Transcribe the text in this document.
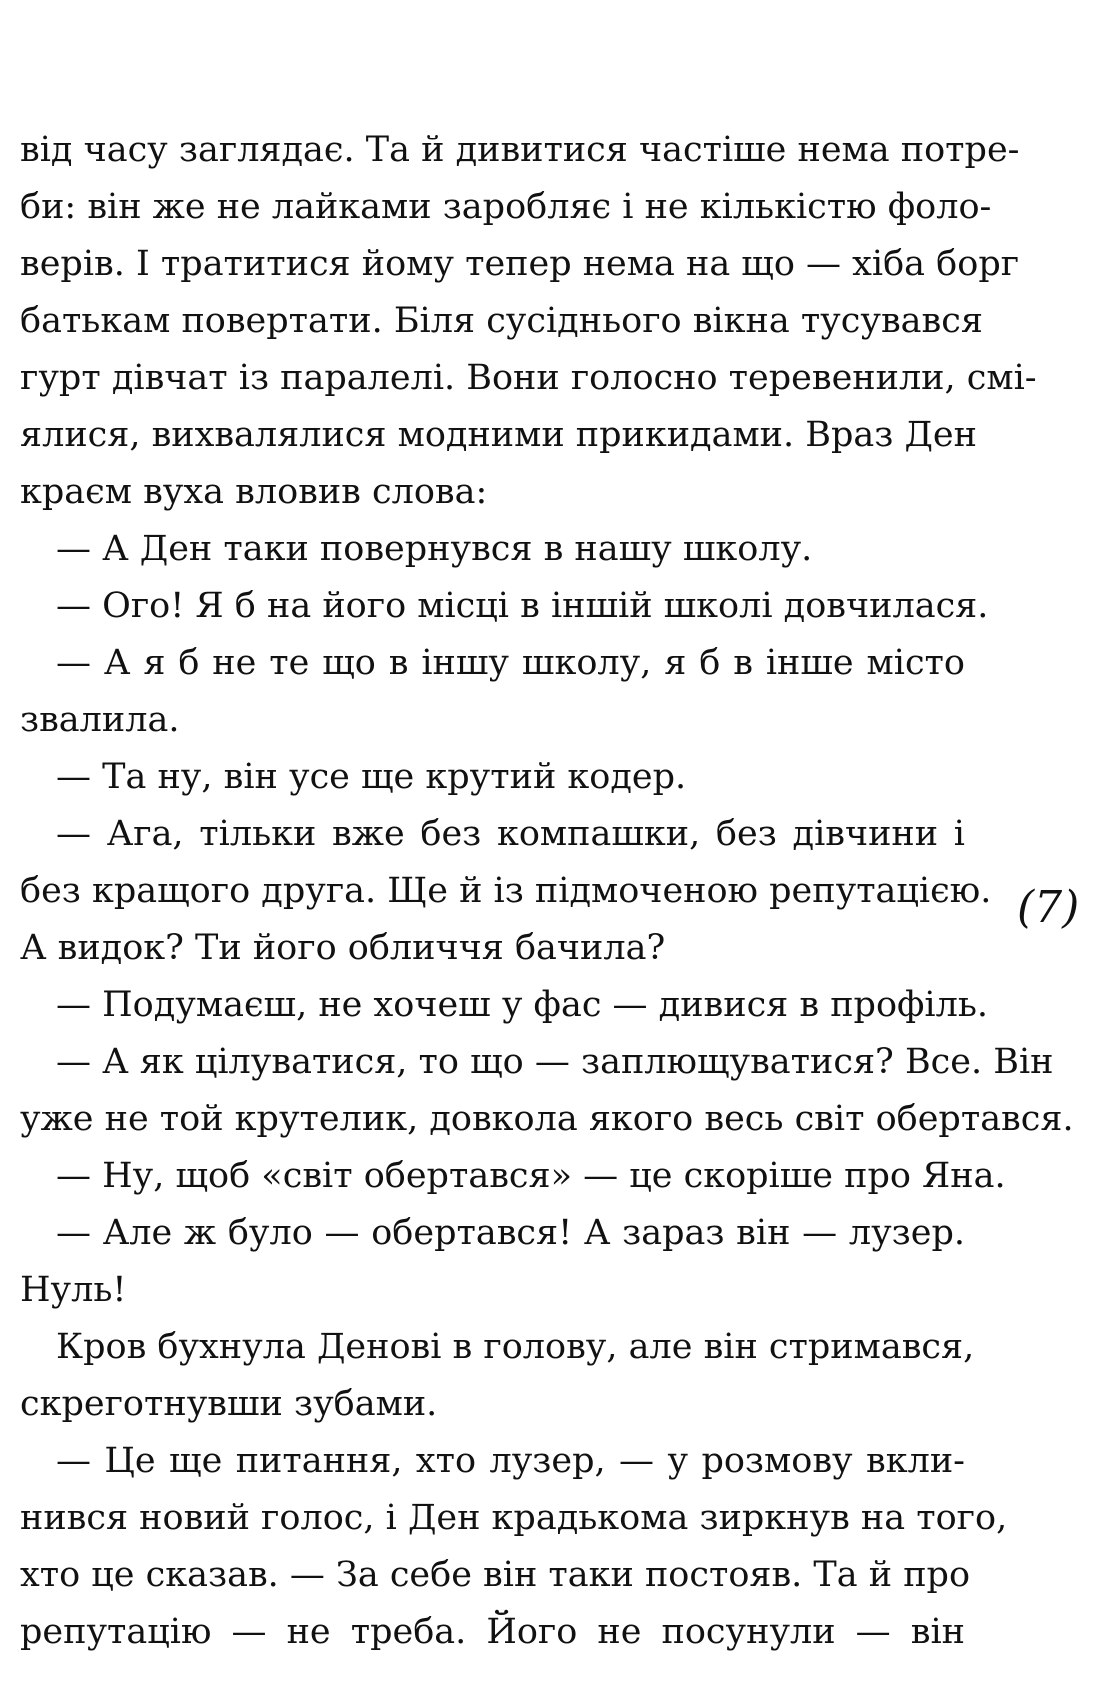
від часу заглядає. Та й дивитися частіше нема потре-
би: він же не лайками заробляє і не кількістю фоло-
верів. І тратитися йому тепер нема на що — хіба борг
батькам повертати. Біля сусіднього вікна тусувався
гурт дівчат із паралелі. Вони голосно теревенили, смі-
ялися, вихвалялися модними прикидами. Враз Ден
краєм вуха вловив слова:
— А Ден таки повернувся в нашу школу.
— Ого! Я б на його місці в іншій школі довчилася.
— А я б не те що в іншу школу, я б в інше місто
звалила.
— Та ну, він усе ще крутий кодер.
— Ага, тільки вже без компашки, без дівчини і
без кращого друга. Ще й із підмоченою репутацією.
А видок? Ти його обличчя бачила?
— Подумаєш, не хочеш у фас — дивися в профіль.
— А як цілуватися, то що — заплющуватися? Все. Він
уже не той крутелик, довкола якого весь світ обертався.
— Ну, щоб «світ обертався» — це скоріше про Яна.
— Але ж було — обертався! А зараз він — лузер.
Нуль!
Кров бухнула Денові в голову, але він стримався,
скреготнувши зубами.
— Це ще питання, хто лузер, — у розмову вкли-
нився новий голос, і Ден крадькома зиркнув на того,
хто це сказав. — За себе він таки постояв. Та й про
репутацію — не треба. Його не посунули — він
(7)
